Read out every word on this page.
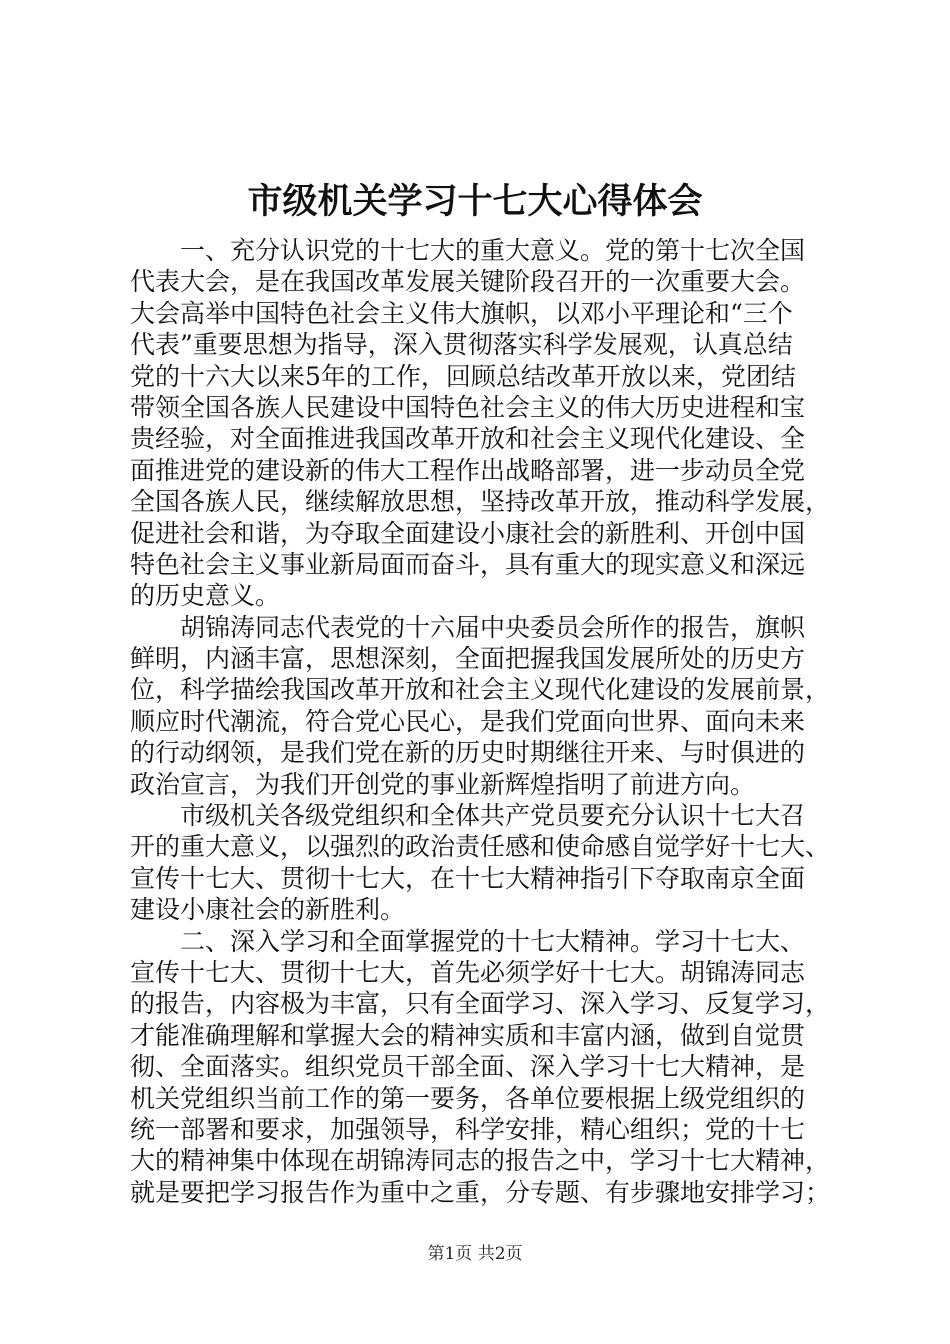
市级机关学习十七大心得体会
　　一、充分认识党的十七大的重大意义。党的第十七次全国
代表大会，是在我国改革发展关键阶段召开的一次重要大会。
大会高举中国特色社会主义伟大旗帜，以邓小平理论和“三个
代表”重要思想为指导，深入贯彻落实科学发展观，认真总结
党的十六大以来5年的工作，回顾总结改革开放以来，党团结
带领全国各族人民建设中国特色社会主义的伟大历史进程和宝
贵经验，对全面推进我国改革开放和社会主义现代化建设、全
面推进党的建设新的伟大工程作出战略部署，进一步动员全党
全国各族人民，继续解放思想，坚持改革开放，推动科学发展，
促进社会和谐，为夺取全面建设小康社会的新胜利、开创中国
特色社会主义事业新局面而奋斗，具有重大的现实意义和深远
的历史意义。
　　胡锦涛同志代表党的十六届中央委员会所作的报告，旗帜
鲜明，内涵丰富，思想深刻，全面把握我国发展所处的历史方
位，科学描绘我国改革开放和社会主义现代化建设的发展前景，
顺应时代潮流，符合党心民心，是我们党面向世界、面向未来
的行动纲领，是我们党在新的历史时期继往开来、与时俱进的
政治宣言，为我们开创党的事业新辉煌指明了前进方向。
　　市级机关各级党组织和全体共产党员要充分认识十七大召
开的重大意义，以强烈的政治责任感和使命感自觉学好十七大、
宣传十七大、贯彻十七大，在十七大精神指引下夺取南京全面
建设小康社会的新胜利。
　　二、深入学习和全面掌握党的十七大精神。学习十七大、
宣传十七大、贯彻十七大，首先必须学好十七大。胡锦涛同志
的报告，内容极为丰富，只有全面学习、深入学习、反复学习，
才能准确理解和掌握大会的精神实质和丰富内涵，做到自觉贯
彻、全面落实。组织党员干部全面、深入学习十七大精神，是
机关党组织当前工作的第一要务，各单位要根据上级党组织的
统一部署和要求，加强领导，科学安排，精心组织；党的十七
大的精神集中体现在胡锦涛同志的报告之中，学习十七大精神，
就是要把学习报告作为重中之重，分专题、有步骤地安排学习；
第1页 共2页
